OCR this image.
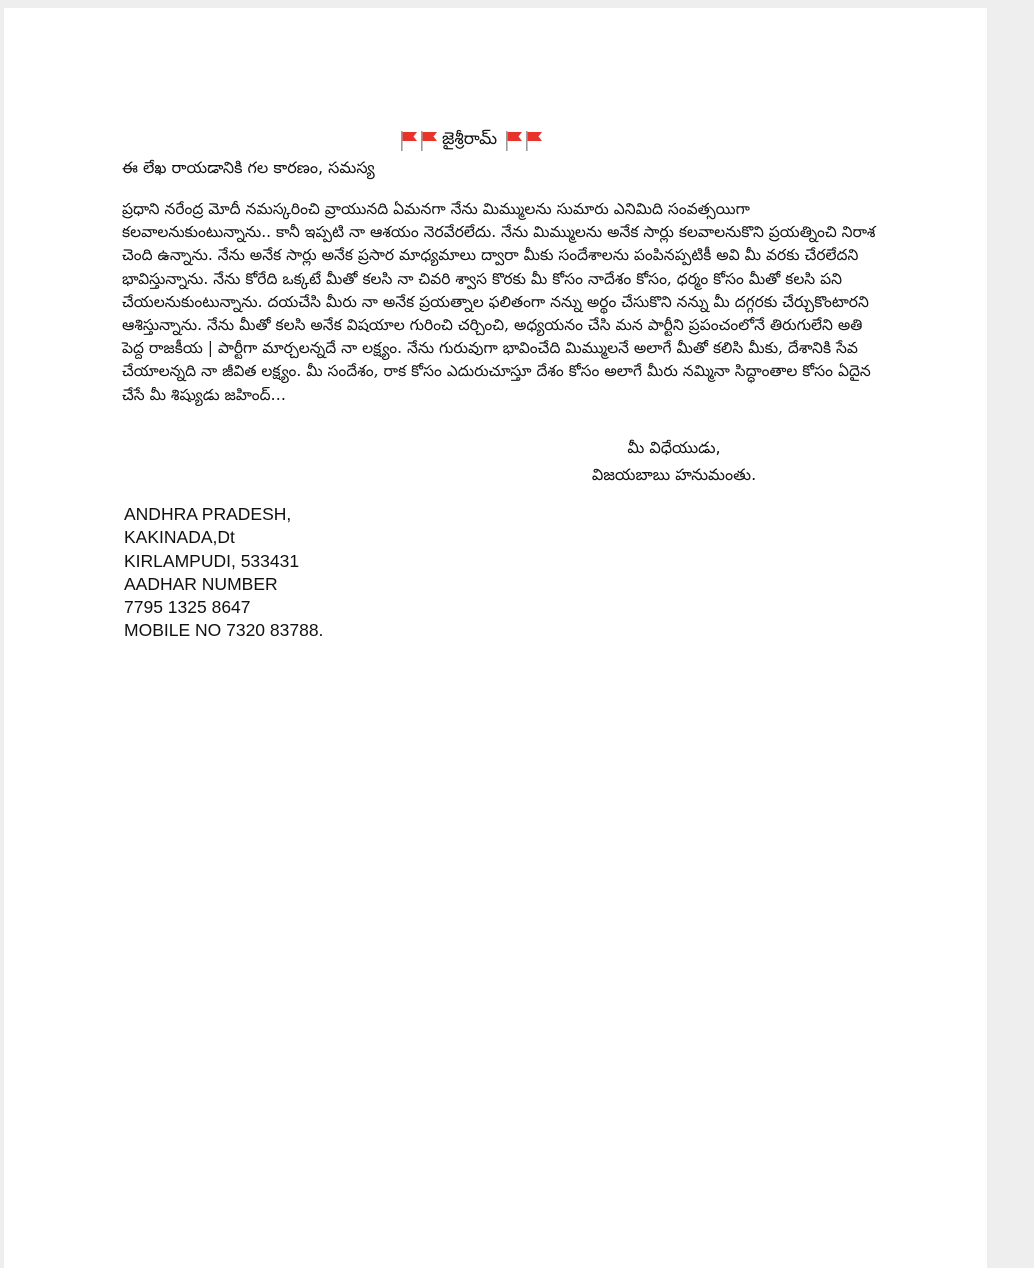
జైశ్రీరామ్
ఈ లేఖ రాయడానికి గల కారణం, సమస్య
ప్రధాని నరేంద్ర మోదీ నమస్కరించి వ్రాయునది ఏమనగా నేను మిమ్ములను సుమారు ఎనిమిది సంవత్సయిగా కలవాలనుకుంటున్నాను.. కానీ ఇప్పటి నా ఆశయం నెరవేరలేదు. నేను మిమ్ములను అనేక సార్లు కలవాలనుకొని ప్రయత్నించి నిరాశ చెంది ఉన్నాను. నేను అనేక సార్లు అనేక ప్రసార మాధ్యమాలు ద్వారా మీకు సందేశాలను పంపినప్పటికీ అవి మీ వరకు చేరలేదని భావిస్తున్నాను. నేను కోరేది ఒక్కటే మీతో కలసి నా చివరి శ్వాస కొరకు మీ కోసం నాదేశం కోసం, ధర్మం కోసం మీతో కలసి పని చేయలనుకుంటున్నాను. దయచేసి మీరు నా అనేక ప్రయత్నాల ఫలితంగా నన్ను అర్థం చేసుకొని నన్ను మీ దగ్గరకు చేర్చుకొంటారని ఆశిస్తున్నాను. నేను మీతో కలసి అనేక విషయాల గురించి చర్చించి, అధ్యయనం చేసి మన పార్టీని ప్రపంచంలోనే తిరుగులేని అతి పెద్ద రాజకీయ | పార్టీగా మార్చలన్నదే నా లక్ష్యం. నేను గురువుగా భావించేది మిమ్ములనే అలాగే మీతో కలిసి మీకు, దేశానికి సేవ చేయాలన్నది నా జీవిత లక్ష్యం. మీ సందేశం, రాక కోసం ఎదురుచూస్తూ దేశం కోసం అలాగే మీరు నమ్మినా సిద్ధాంతాల కోసం ఏదైన చేసే మీ శిష్యుడు జహింద్…
మీ విధేయుడు,
విజయబాబు హనుమంతు.
ANDHRA PRADESH,
KAKINADA,Dt
KIRLAMPUDI, 533431
AADHAR NUMBER
7795 1325 8647
MOBILE NO 7320 83788.
